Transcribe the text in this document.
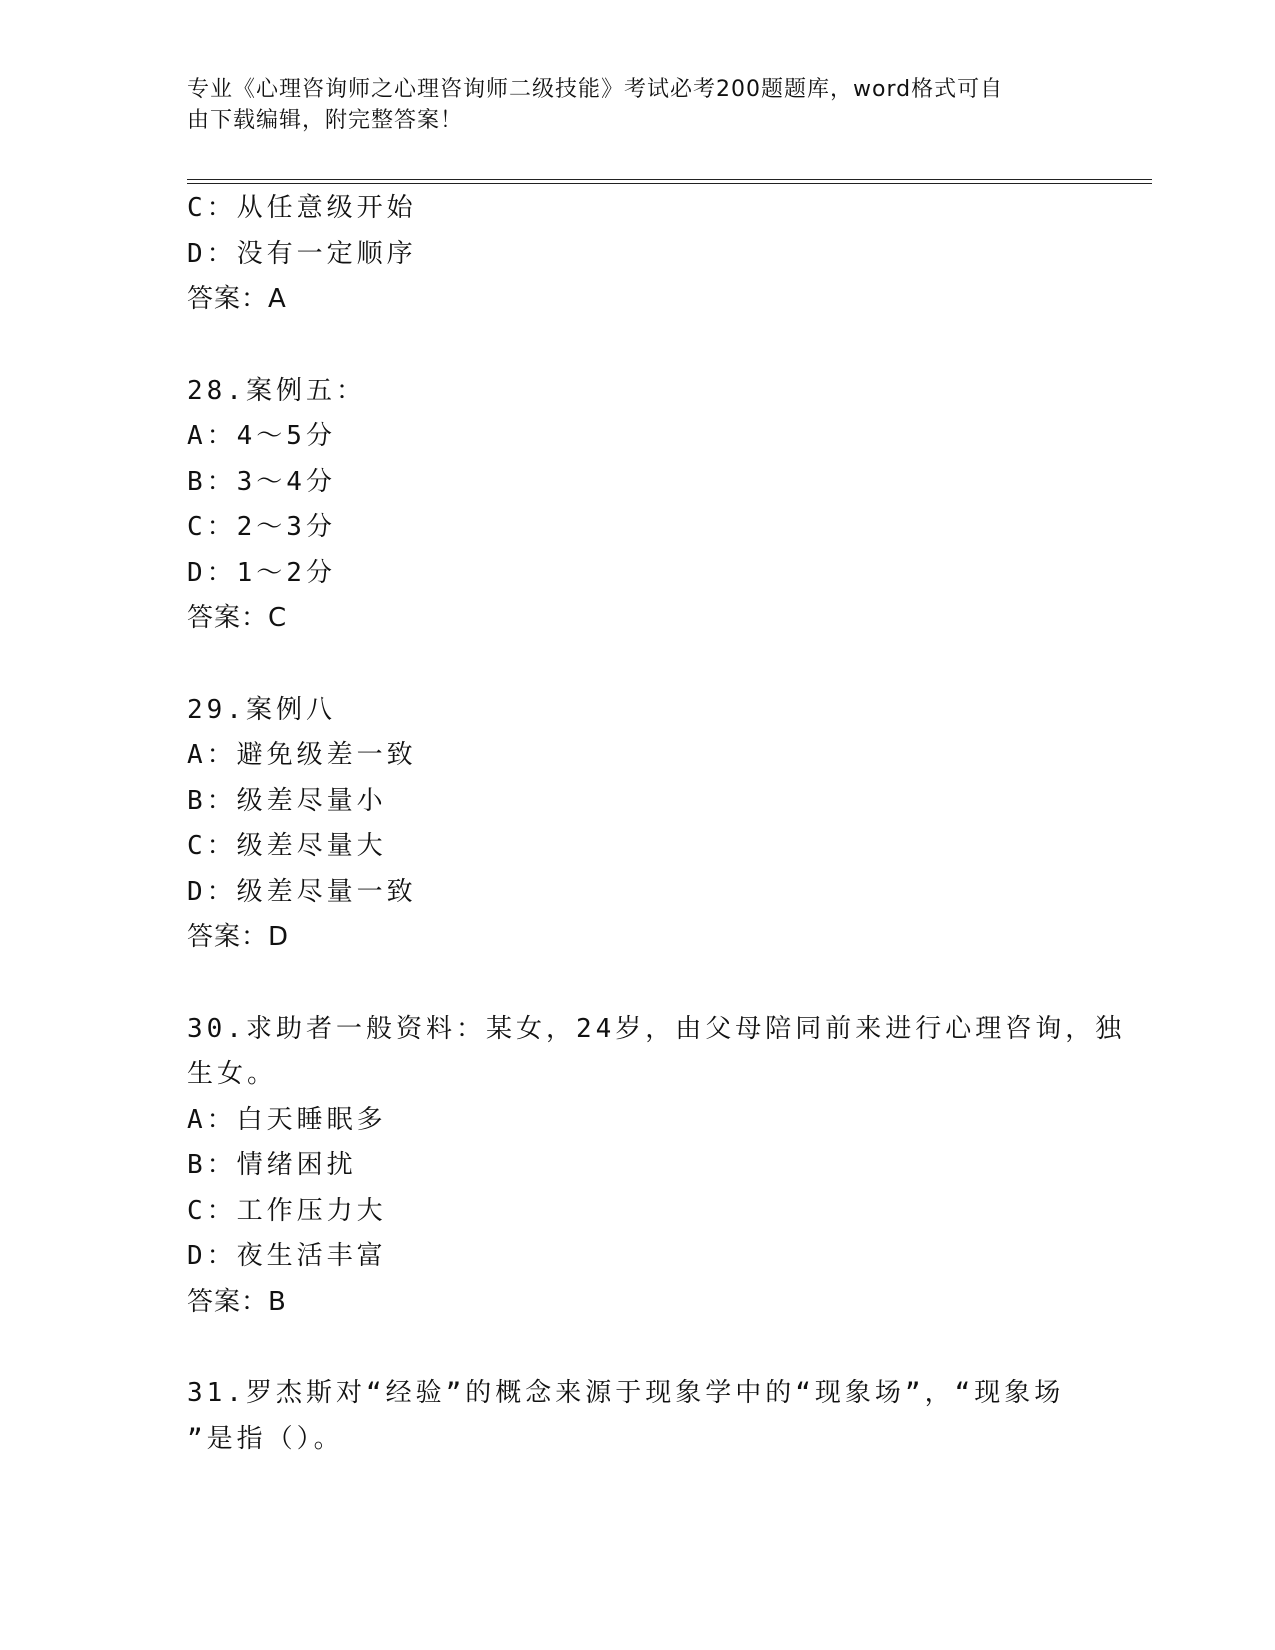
专业《心理咨询师之心理咨询师二级技能》考试必考200题题库，word格式可自
由下载编辑，附完整答案！
C：从任意级开始
D：没有一定顺序
答案：A
28.案例五：
A：4～5分
B：3～4分
C：2～3分
D：1～2分
答案：C
29.案例八
A：避免级差一致
B：级差尽量小
C：级差尽量大
D：级差尽量一致
答案：D
30.求助者一般资料：某女，24岁，由父母陪同前来进行心理咨询，独
生女。
A：白天睡眠多
B：情绪困扰
C：工作压力大
D：夜生活丰富
答案：B
31.罗杰斯对“经验”的概念来源于现象学中的“现象场”，“现象场
”是指（）。
